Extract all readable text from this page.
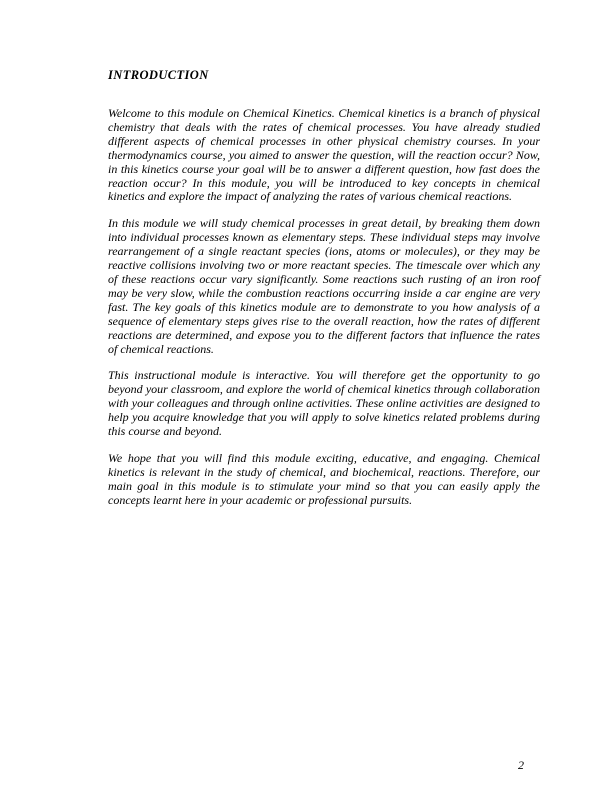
INTRODUCTION

Welcome to this module on Chemical Kinetics. Chemical kinetics is a branch of physical chemistry that deals with the rates of chemical processes. You have already studied different aspects of chemical processes in other physical chemistry courses. In your thermodynamics course, you aimed to answer the question, will the reaction occur? Now, in this kinetics course your goal will be to answer a different question, how fast does the reaction occur? In this module, you will be introduced to key concepts in chemical kinetics and explore the impact of analyzing the rates of various chemical reactions.

In this module we will study chemical processes in great detail, by breaking them down into individual processes known as elementary steps. These individual steps may involve rearrangement of a single reactant species (ions, atoms or molecules), or they may be reactive collisions involving two or more reactant species. The timescale over which any of these reactions occur vary significantly. Some reactions such rusting of an iron roof may be very slow, while the combustion reactions occurring inside a car engine are very fast. The key goals of this kinetics module are to demonstrate to you how analysis of a sequence of elementary steps gives rise to the overall reaction, how the rates of different reactions are determined, and expose you to the different factors that influence the rates of chemical reactions.

This instructional module is interactive. You will therefore get the opportunity to go beyond your classroom, and explore the world of chemical kinetics through collaboration with your colleagues and through online activities. These online activities are designed to help you acquire knowledge that you will apply to solve kinetics related problems during this course and beyond.

We hope that you will find this module exciting, educative, and engaging. Chemical kinetics is relevant in the study of chemical, and biochemical, reactions. Therefore, our main goal in this module is to stimulate your mind so that you can easily apply the concepts learnt here in your academic or professional pursuits.

2
